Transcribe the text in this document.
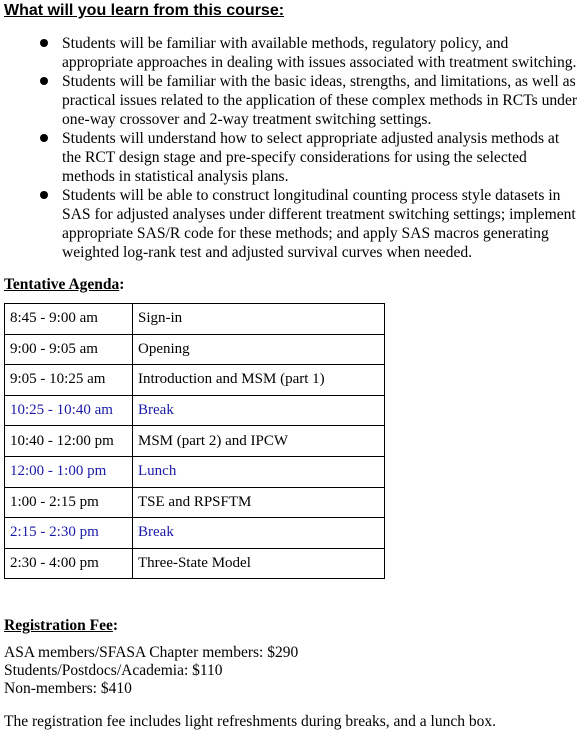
What will you learn from this course:
Students will be familiar with available methods, regulatory policy, and appropriate approaches in dealing with issues associated with treatment switching.
Students will be familiar with the basic ideas, strengths, and limitations, as well as practical issues related to the application of these complex methods in RCTs under one-way crossover and 2-way treatment switching settings.
Students will understand how to select appropriate adjusted analysis methods at the RCT design stage and pre-specify considerations for using the selected methods in statistical analysis plans.
Students will be able to construct longitudinal counting process style datasets in SAS for adjusted analyses under different treatment switching settings; implement appropriate SAS/R code for these methods; and apply SAS macros generating weighted log-rank test and adjusted survival curves when needed.
Tentative Agenda:
8:45 - 9:00 am	Sign-in
9:00 - 9:05 am	Opening
9:05 - 10:25 am	Introduction and MSM (part 1)
10:25 - 10:40 am	Break
10:40 - 12:00 pm	MSM (part 2) and IPCW
12:00 - 1:00 pm	Lunch
1:00 - 2:15 pm	TSE and RPSFTM
2:15 - 2:30 pm	Break
2:30 - 4:00 pm	Three-State Model
Registration Fee:
ASA members/SFASA Chapter members: $290
Students/Postdocs/Academia: $110
Non-members: $410
The registration fee includes light refreshments during breaks, and a lunch box.
